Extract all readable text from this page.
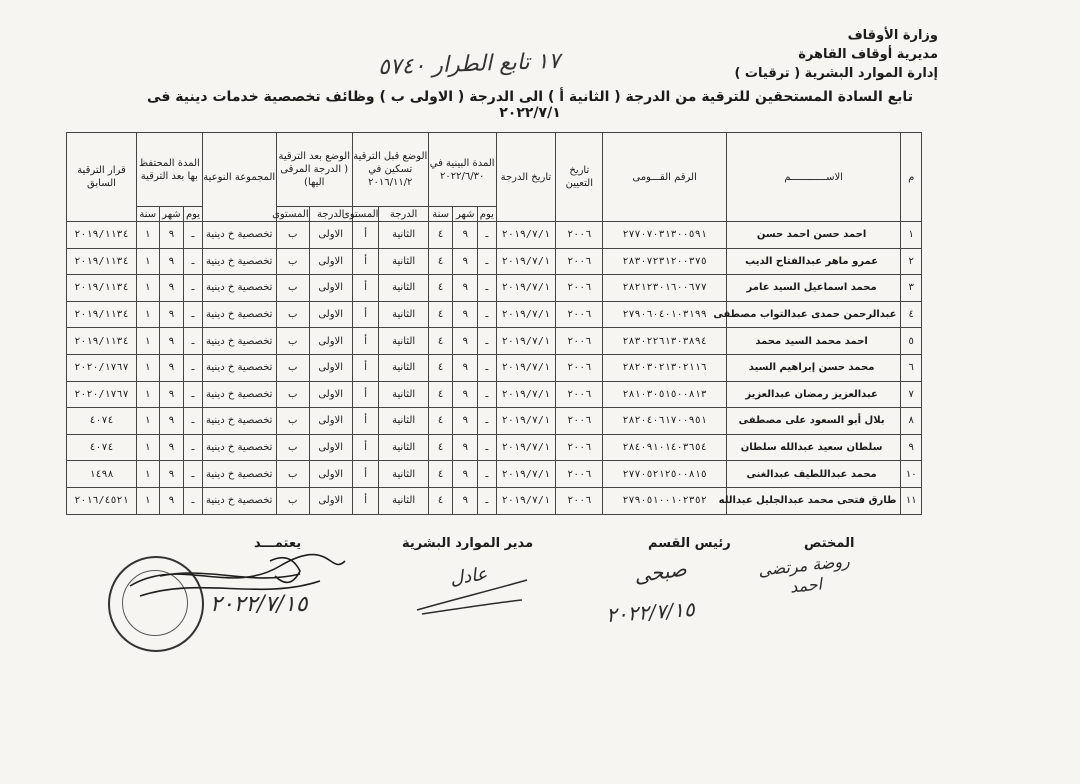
وزارة الأوقاف
مديرية أوقاف القاهرة
إدارة الموارد البشرية ( ترقيات )
١٧ تابع الطرار ٥٧٤٠
تابع السادة المستحقين للترقية من الدرجة ( الثانية أ ) الى الدرجة ( الاولى ب ) وظائف تخصصية خدمات دينية فى ٢٠٢٢/٧/١
م	الاســــــــــــم	الرقم القـــومى	تاريخ التعيين	تاريخ الدرجة	المدة البينية في ٢٠٢٢/٦/٣٠			الوضع قبل الترقية تسكين في ٢٠١٦/١١/٢		الوضع بعد الترقية ( الدرجة المرقى اليها)		المجموعة النوعية	المدة المحتفظ بها بعد الترقية			قرار الترقية السابق
					يوم	شهر	سنة	الدرجة	المستوى	الدرجة	المستوى		يوم	شهر	سنة	
١	احمد حسن احمد حسن	٢٧٧٠٧٠٣١٣٠٠٥٩١	٢٠٠٦	٢٠١٩/٧/١	ـ	٩	٤	الثانية	أ	الاولى	ب	تخصصية خ دينية	ـ	٩	١	٢٠١٩/١١٣٤
٢	عمرو ماهر عبدالفتاح الديب	٢٨٣٠٧٢٣١٢٠٠٣٧٥	٢٠٠٦	٢٠١٩/٧/١	ـ	٩	٤	الثانية	أ	الاولى	ب	تخصصية خ دينية	ـ	٩	١	٢٠١٩/١١٣٤
٣	محمد اسماعيل السيد عامر	٢٨٢١٢٣٠١٦٠٠٦٧٧	٢٠٠٦	٢٠١٩/٧/١	ـ	٩	٤	الثانية	أ	الاولى	ب	تخصصية خ دينية	ـ	٩	١	٢٠١٩/١١٣٤
٤	عبدالرحمن حمدى عبدالتواب مصطفى	٢٧٩٠٦٠٤٠١٠٣١٩٩	٢٠٠٦	٢٠١٩/٧/١	ـ	٩	٤	الثانية	أ	الاولى	ب	تخصصية خ دينية	ـ	٩	١	٢٠١٩/١١٣٤
٥	احمد محمد السيد محمد	٢٨٣٠٢٢٦١٣٠٣٨٩٤	٢٠٠٦	٢٠١٩/٧/١	ـ	٩	٤	الثانية	أ	الاولى	ب	تخصصية خ دينية	ـ	٩	١	٢٠١٩/١١٣٤
٦	محمد حسن إبراهيم السيد	٢٨٢٠٣٠٢١٣٠٢١١٦	٢٠٠٦	٢٠١٩/٧/١	ـ	٩	٤	الثانية	أ	الاولى	ب	تخصصية خ دينية	ـ	٩	١	٢٠٢٠/١٧٦٧
٧	عبدالعزيز رمضان عبدالعزيز	٢٨١٠٣٠٥١٥٠٠٨١٣	٢٠٠٦	٢٠١٩/٧/١	ـ	٩	٤	الثانية	أ	الاولى	ب	تخصصية خ دينية	ـ	٩	١	٢٠٢٠/١٧٦٧
٨	بلال أبو السعود على مصطفى	٢٨٢٠٤٠٦١٧٠٠٩٥١	٢٠٠٦	٢٠١٩/٧/١	ـ	٩	٤	الثانية	أ	الاولى	ب	تخصصية خ دينية	ـ	٩	١	٤٠٧٤
٩	سلطان سعيد عبدالله سلطان	٢٨٤٠٩١٠١٤٠٣٦٥٤	٢٠٠٦	٢٠١٩/٧/١	ـ	٩	٤	الثانية	أ	الاولى	ب	تخصصية خ دينية	ـ	٩	١	٤٠٧٤
١٠	محمد عبداللطيف عبدالغنى	٢٧٧٠٥٢١٢٥٠٠٨١٥	٢٠٠٦	٢٠١٩/٧/١	ـ	٩	٤	الثانية	أ	الاولى	ب	تخصصية خ دينية	ـ	٩	١	١٤٩٨
١١	طارق فتحى محمد عبدالجليل عبدالله	٢٧٩٠٥١٠٠١٠٢٣٥٢	٢٠٠٦	٢٠١٩/٧/١	ـ	٩	٤	الثانية	أ	الاولى	ب	تخصصية خ دينية	ـ	٩	١	٢٠١٦/٤٥٢١
المختص
رئيس القسم
مدير الموارد البشرية
يعتمـــد
روضة مرتضى احمد
صبحى
٢٠٢٢/٧/١٥
عادل
٢٠٢٢/٧/١٥
